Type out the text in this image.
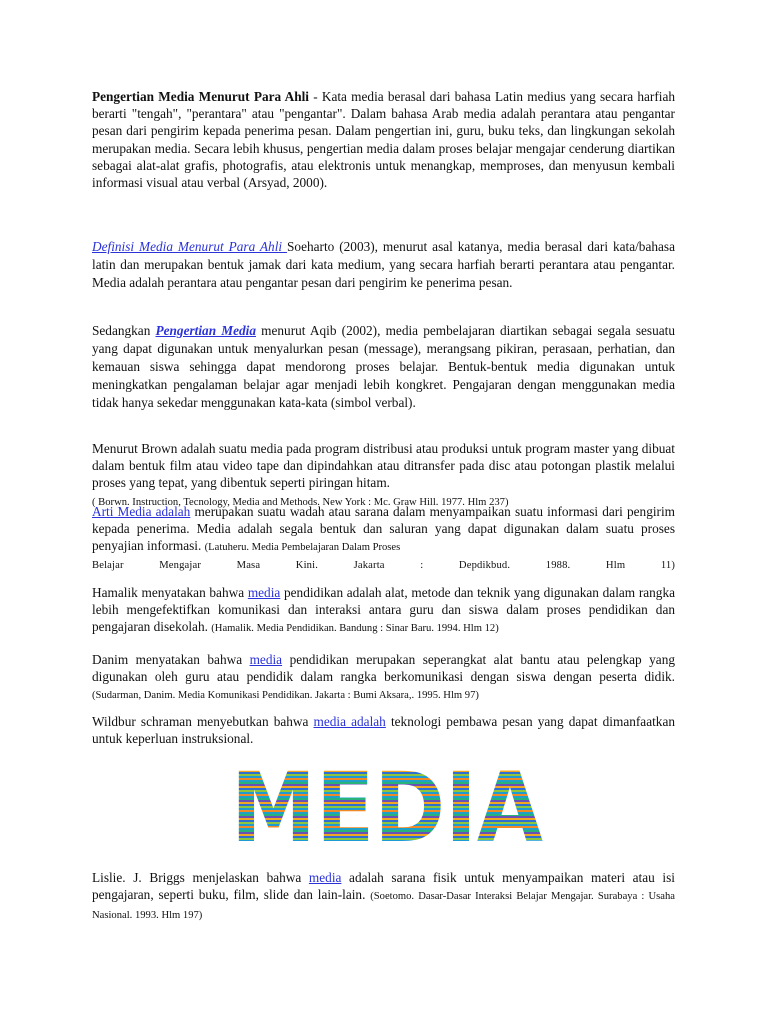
Pengertian Media Menurut Para Ahli - Kata media berasal dari bahasa Latin medius yang secara harfiah berarti "tengah", "perantara" atau "pengantar". Dalam bahasa Arab media adalah perantara atau pengantar pesan dari pengirim kepada penerima pesan. Dalam pengertian ini, guru, buku teks, dan lingkungan sekolah merupakan media. Secara lebih khusus, pengertian media dalam proses belajar mengajar cenderung diartikan sebagai alat-alat grafis, photografis, atau elektronis untuk menangkap, memproses, dan menyusun kembali informasi visual atau verbal (Arsyad, 2000).

Definisi Media Menurut Para Ahli Soeharto (2003), menurut asal katanya, media berasal dari kata/bahasa latin dan merupakan bentuk jamak dari kata medium, yang secara harfiah berarti perantara atau pengantar. Media adalah perantara atau pengantar pesan dari pengirim ke penerima pesan.

Sedangkan Pengertian Media menurut Aqib (2002), media pembelajaran diartikan sebagai segala sesuatu yang dapat digunakan untuk menyalurkan pesan (message), merangsang pikiran, perasaan, perhatian, dan kemauan siswa sehingga dapat mendorong proses belajar. Bentuk-bentuk media digunakan untuk meningkatkan pengalaman belajar agar menjadi lebih kongkret. Pengajaran dengan menggunakan media tidak hanya sekedar menggunakan kata-kata (simbol verbal).

Menurut Brown adalah suatu media pada program distribusi atau produksi untuk program master yang dibuat dalam bentuk film atau video tape dan dipindahkan atau ditransfer pada disc atau potongan plastik melalui proses yang tepat, yang dibentuk seperti piringan hitam.
( Borwn. Instruction, Tecnology, Media and Methods. New York : Mc. Graw Hill. 1977. Hlm 237)

Arti Media adalah merupakan suatu wadah atau sarana dalam menyampaikan suatu informasi dari pengirim kepada penerima. Media adalah segala bentuk dan saluran yang dapat digunakan dalam suatu proses penyajian informasi. (Latuheru. Media Pembelajaran Dalam Proses
Belajar Mengajar Masa Kini. Jakarta : Depdikbud. 1988. Hlm 11)

Hamalik menyatakan bahwa media pendidikan adalah alat, metode dan teknik yang digunakan dalam rangka lebih mengefektifkan komunikasi dan interaksi antara guru dan siswa dalam proses pendidikan dan pengajaran disekolah. (Hamalik. Media Pendidikan. Bandung : Sinar Baru. 1994. Hlm 12)

Danim menyatakan bahwa media pendidikan merupakan seperangkat alat bantu atau pelengkap yang digunakan oleh guru atau pendidik dalam rangka berkomunikasi dengan siswa dengan peserta didik. (Sudarman, Danim. Media Komunikasi Pendidikan. Jakarta : Bumi Aksara,. 1995. Hlm 97)

Wildbur schraman menyebutkan bahwa media adalah teknologi pembawa pesan yang dapat dimanfaatkan untuk keperluan instruksional.

MEDIA

Lislie. J. Briggs menjelaskan bahwa media adalah sarana fisik untuk menyampaikan materi atau isi pengajaran, seperti buku, film, slide dan lain-lain. (Soetomo. Dasar-Dasar Interaksi Belajar Mengajar. Surabaya : Usaha Nasional. 1993. Hlm 197)
